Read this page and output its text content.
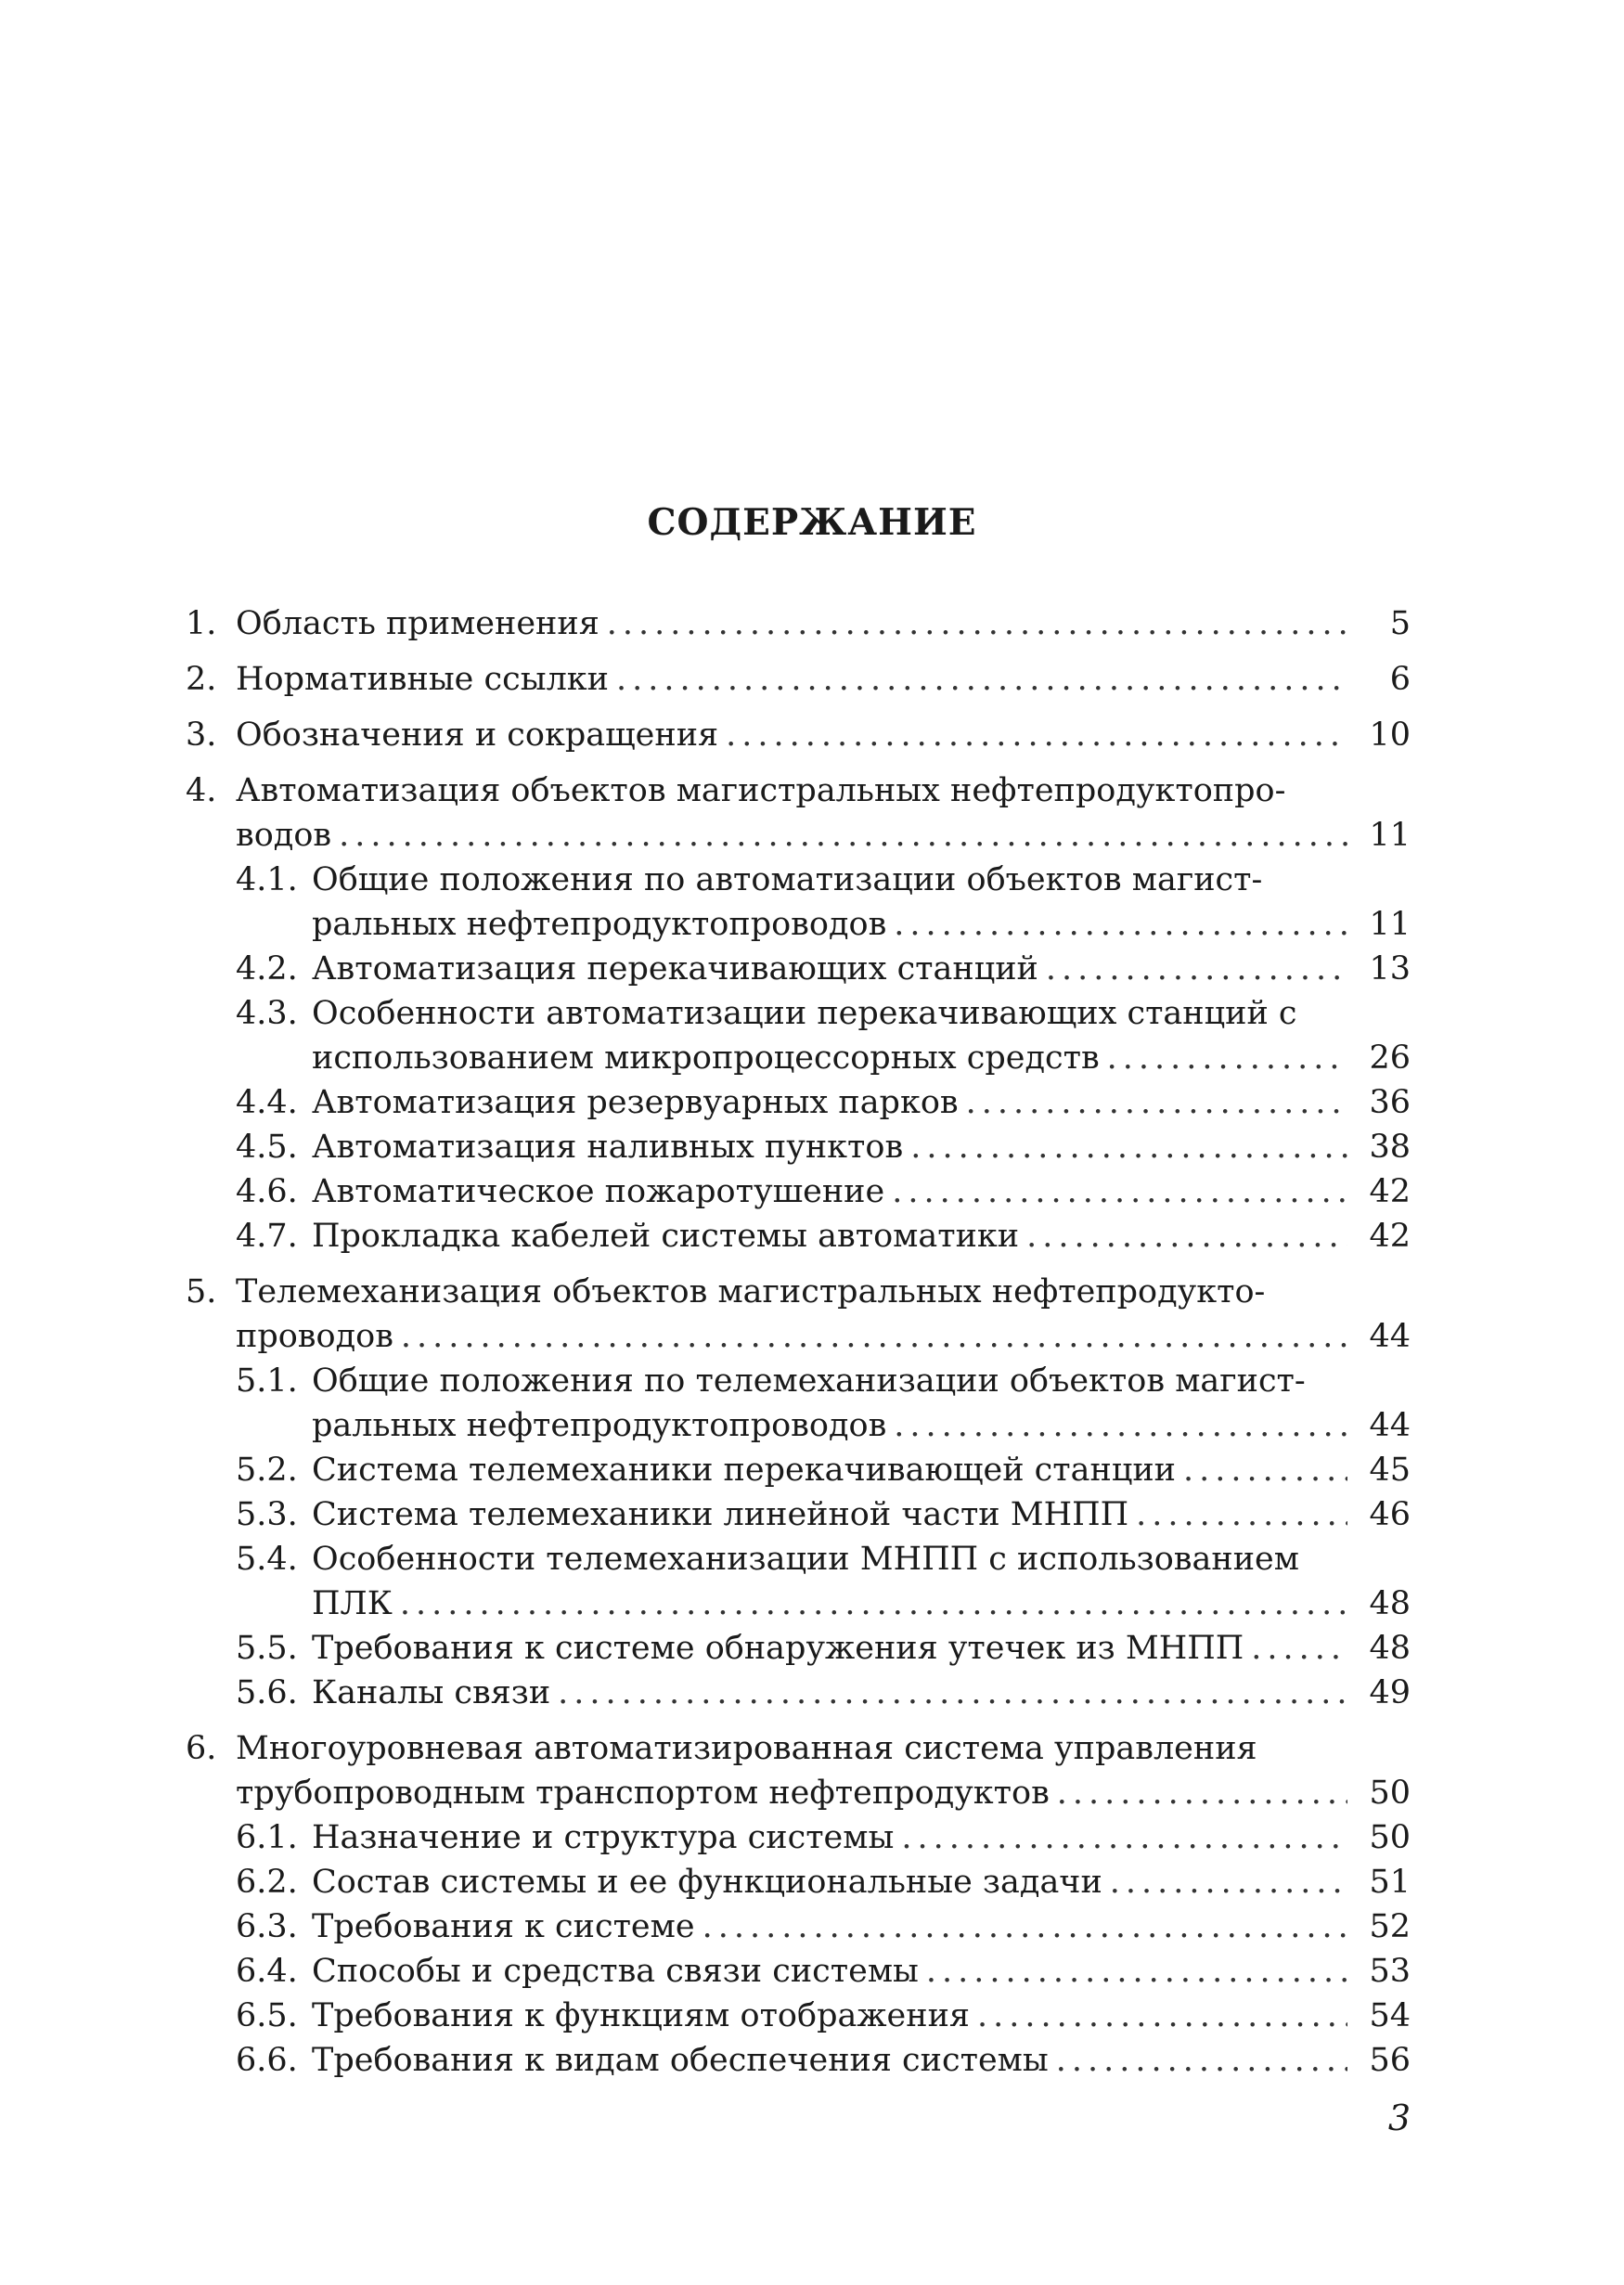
СОДЕРЖАНИЕ
1. Область применения .....	5
2. Нормативные ссылки .....	6
3. Обозначения и сокращения .....	10
4. Автоматизация объектов магистральных нефтепродуктопро-
водов .....	11
4.1. Общие положения по автоматизации объектов магист-
ральных нефтепродуктопроводов .....	11
4.2. Автоматизация перекачивающих станций .....	13
4.3. Особенности автоматизации перекачивающих станций с
использованием микропроцессорных средств .....	26
4.4. Автоматизация резервуарных парков .....	36
4.5. Автоматизация наливных пунктов .....	38
4.6. Автоматическое пожаротушение .....	42
4.7. Прокладка кабелей системы автоматики .....	42
5. Телемеханизация объектов магистральных нефтепродукто-
проводов .....	44
5.1. Общие положения по телемеханизации объектов магист-
ральных нефтепродуктопроводов .....	44
5.2. Система телемеханики перекачивающей станции .....	45
5.3. Система телемеханики линейной части МНПП .....	46
5.4. Особенности телемеханизации МНПП с использованием
ПЛК .....	48
5.5. Требования к системе обнаружения утечек из МНПП .....	48
5.6. Каналы связи .....	49
6. Многоуровневая автоматизированная система управления
трубопроводным транспортом нефтепродуктов .....	50
6.1. Назначение и структура системы .....	50
6.2. Состав системы и ее функциональные задачи .....	51
6.3. Требования к системе .....	52
6.4. Способы и средства связи системы .....	53
6.5. Требования к функциям отображения .....	54
6.6. Требования к видам обеспечения системы .....	56
3
